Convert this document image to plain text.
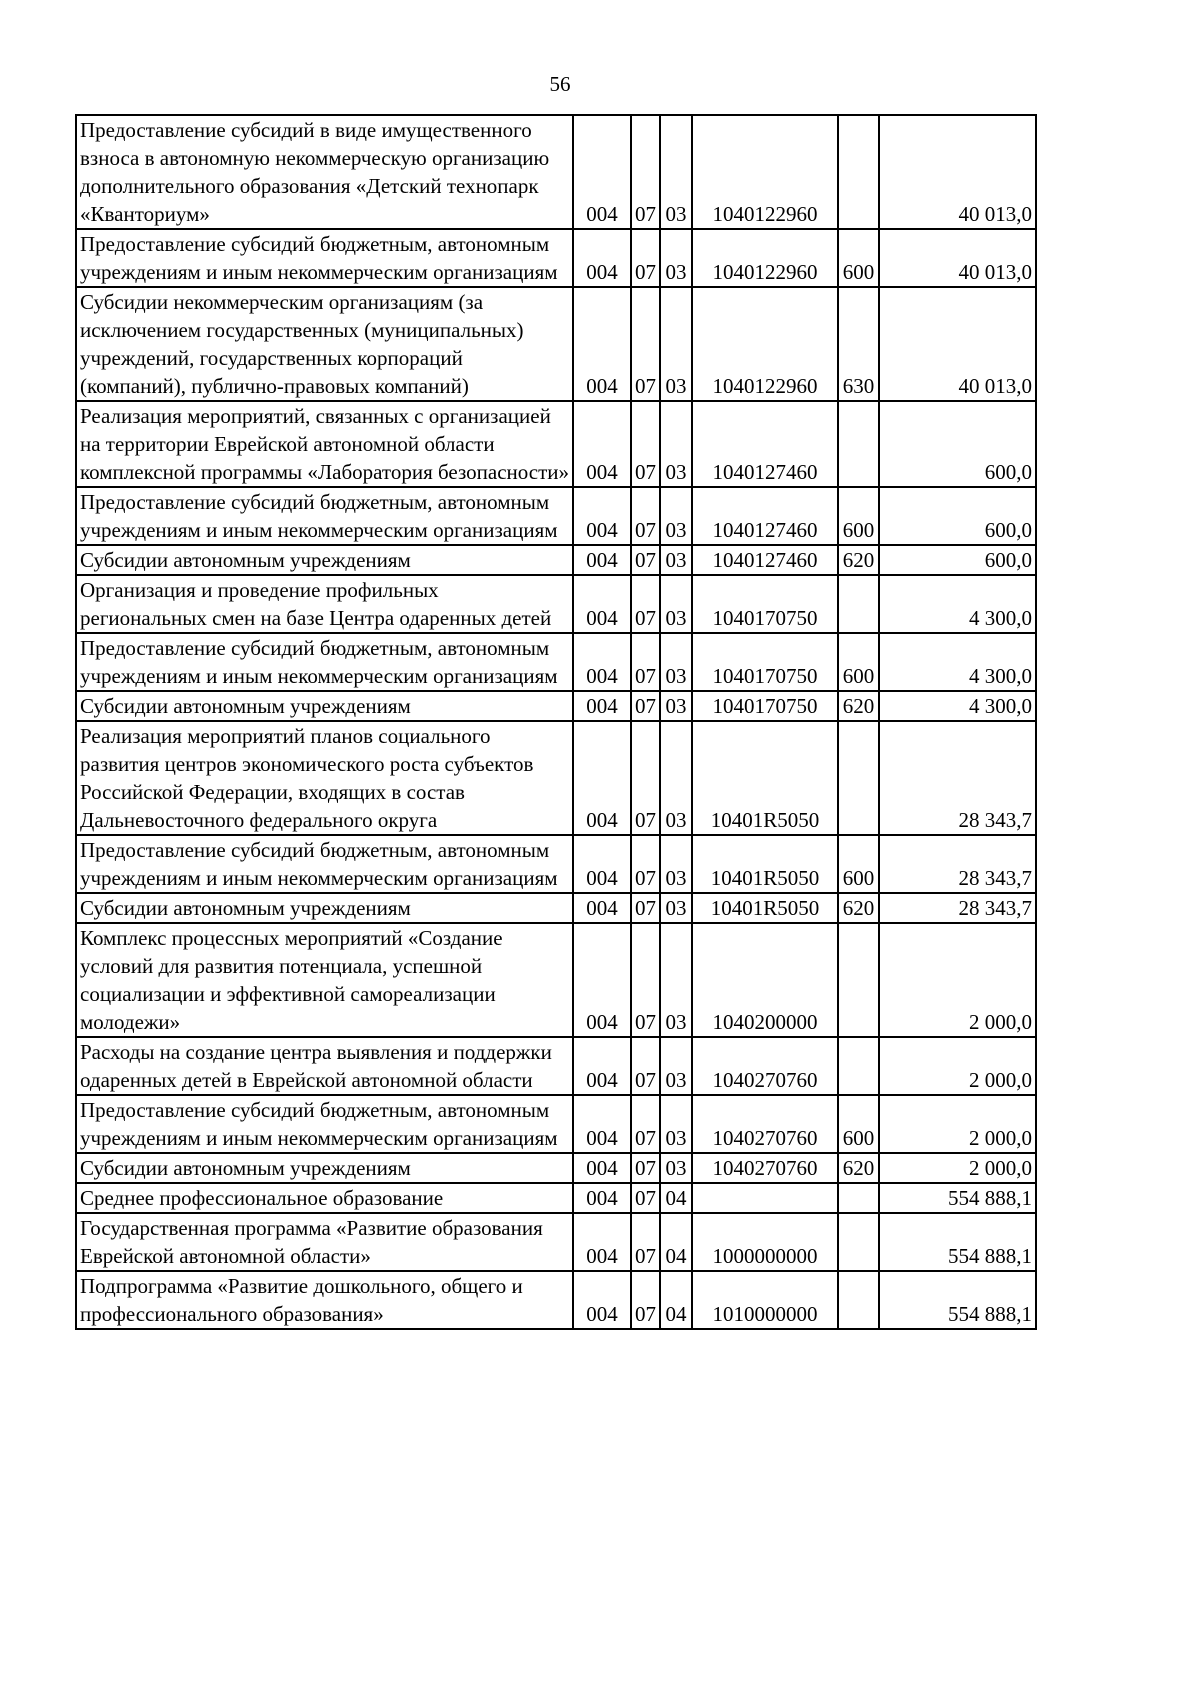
56
Предоставление субсидий в виде имущественного взноса в автономную некоммерческую организацию дополнительного образования «Детский технопарк «Кванториум»	004	07	03	1040122960		40 013,0
Предоставление субсидий бюджетным, автономным учреждениям и иным некоммерческим организациям	004	07	03	1040122960	600	40 013,0
Субсидии некоммерческим организациям (за исключением государственных (муниципальных) учреждений, государственных корпораций (компаний), публично-правовых компаний)	004	07	03	1040122960	630	40 013,0
Реализация мероприятий, связанных с организацией на территории Еврейской автономной области комплексной программы «Лаборатория безопасности»	004	07	03	1040127460		600,0
Предоставление субсидий бюджетным, автономным учреждениям и иным некоммерческим организациям	004	07	03	1040127460	600	600,0
Субсидии автономным учреждениям	004	07	03	1040127460	620	600,0
Организация и проведение профильных региональных смен на базе Центра одаренных детей	004	07	03	1040170750		4 300,0
Предоставление субсидий бюджетным, автономным учреждениям и иным некоммерческим организациям	004	07	03	1040170750	600	4 300,0
Субсидии автономным учреждениям	004	07	03	1040170750	620	4 300,0
Реализация мероприятий планов социального развития центров экономического роста субъектов Российской Федерации, входящих в состав Дальневосточного федерального округа	004	07	03	10401R5050		28 343,7
Предоставление субсидий бюджетным, автономным учреждениям и иным некоммерческим организациям	004	07	03	10401R5050	600	28 343,7
Субсидии автономным учреждениям	004	07	03	10401R5050	620	28 343,7
Комплекс процессных мероприятий «Создание условий для развития потенциала, успешной социализации и эффективной самореализации молодежи»	004	07	03	1040200000		2 000,0
Расходы на создание центра выявления и поддержки одаренных детей в Еврейской автономной области	004	07	03	1040270760		2 000,0
Предоставление субсидий бюджетным, автономным учреждениям и иным некоммерческим организациям	004	07	03	1040270760	600	2 000,0
Субсидии автономным учреждениям	004	07	03	1040270760	620	2 000,0
Среднее профессиональное образование	004	07	04			554 888,1
Государственная программа «Развитие образования Еврейской автономной области»	004	07	04	1000000000		554 888,1
Подпрограмма «Развитие дошкольного, общего и профессионального образования»	004	07	04	1010000000		554 888,1
